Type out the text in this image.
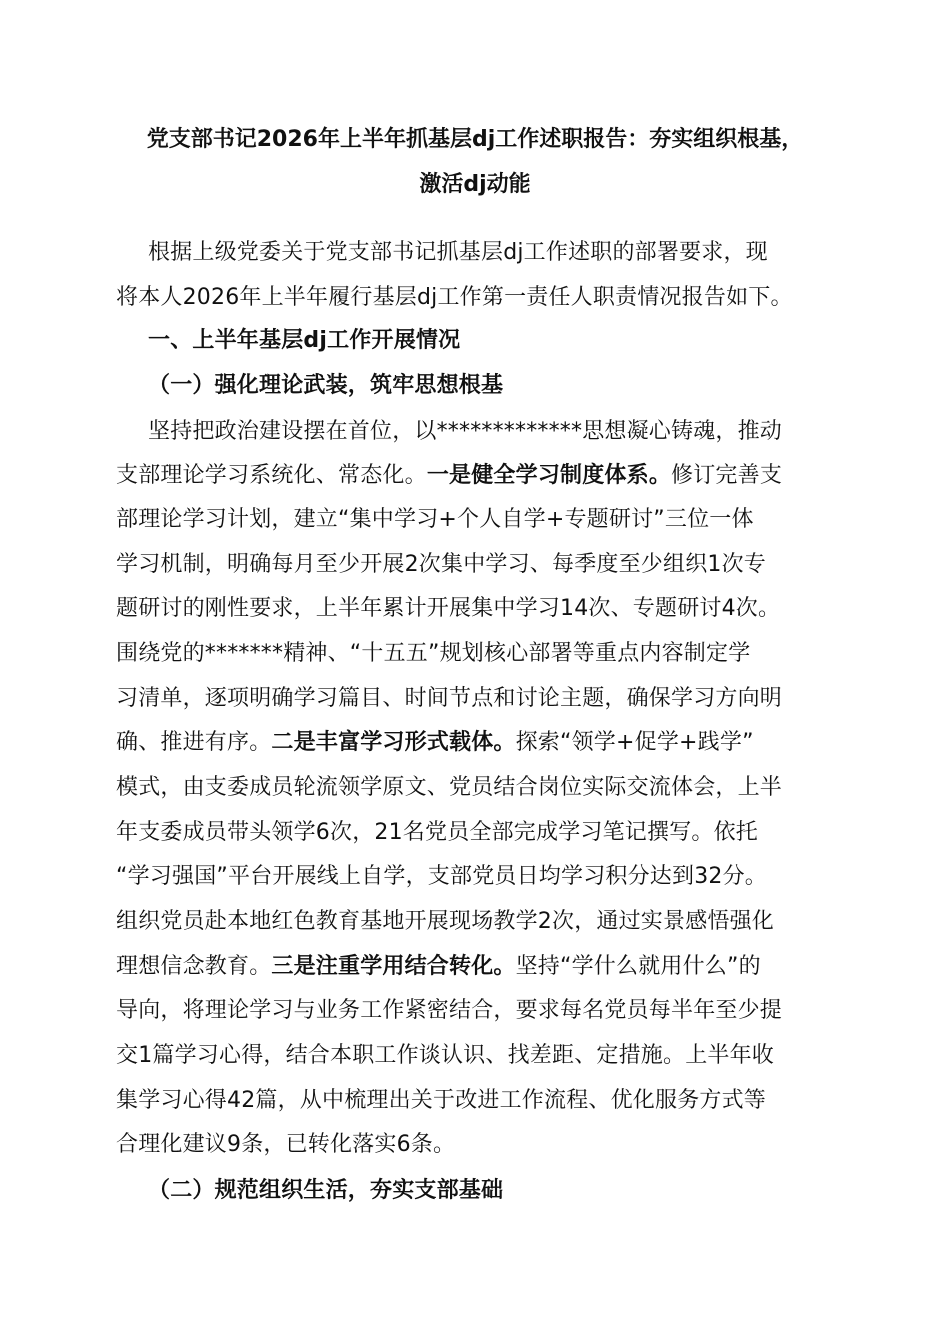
党支部书记2026年上半年抓基层dj工作述职报告：夯实组织根基，
激活dj动能
根据上级党委关于党支部书记抓基层dj工作述职的部署要求，现
将本人2026年上半年履行基层dj工作第一责任人职责情况报告如下。
一、上半年基层dj工作开展情况
（一）强化理论武装，筑牢思想根基
坚持把政治建设摆在首位，以*************思想凝心铸魂，推动
支部理论学习系统化、常态化。一是健全学习制度体系。修订完善支
部理论学习计划，建立“集中学习+个人自学+专题研讨”三位一体
学习机制，明确每月至少开展2次集中学习、每季度至少组织1次专
题研讨的刚性要求，上半年累计开展集中学习14次、专题研讨4次。
围绕党的*******精神、“十五五”规划核心部署等重点内容制定学
习清单，逐项明确学习篇目、时间节点和讨论主题，确保学习方向明
确、推进有序。二是丰富学习形式载体。探索“领学+促学+践学”
模式，由支委成员轮流领学原文、党员结合岗位实际交流体会，上半
年支委成员带头领学6次，21名党员全部完成学习笔记撰写。依托
“学习强国”平台开展线上自学，支部党员日均学习积分达到32分。
组织党员赴本地红色教育基地开展现场教学2次，通过实景感悟强化
理想信念教育。三是注重学用结合转化。坚持“学什么就用什么”的
导向，将理论学习与业务工作紧密结合，要求每名党员每半年至少提
交1篇学习心得，结合本职工作谈认识、找差距、定措施。上半年收
集学习心得42篇，从中梳理出关于改进工作流程、优化服务方式等
合理化建议9条，已转化落实6条。
（二）规范组织生活，夯实支部基础
